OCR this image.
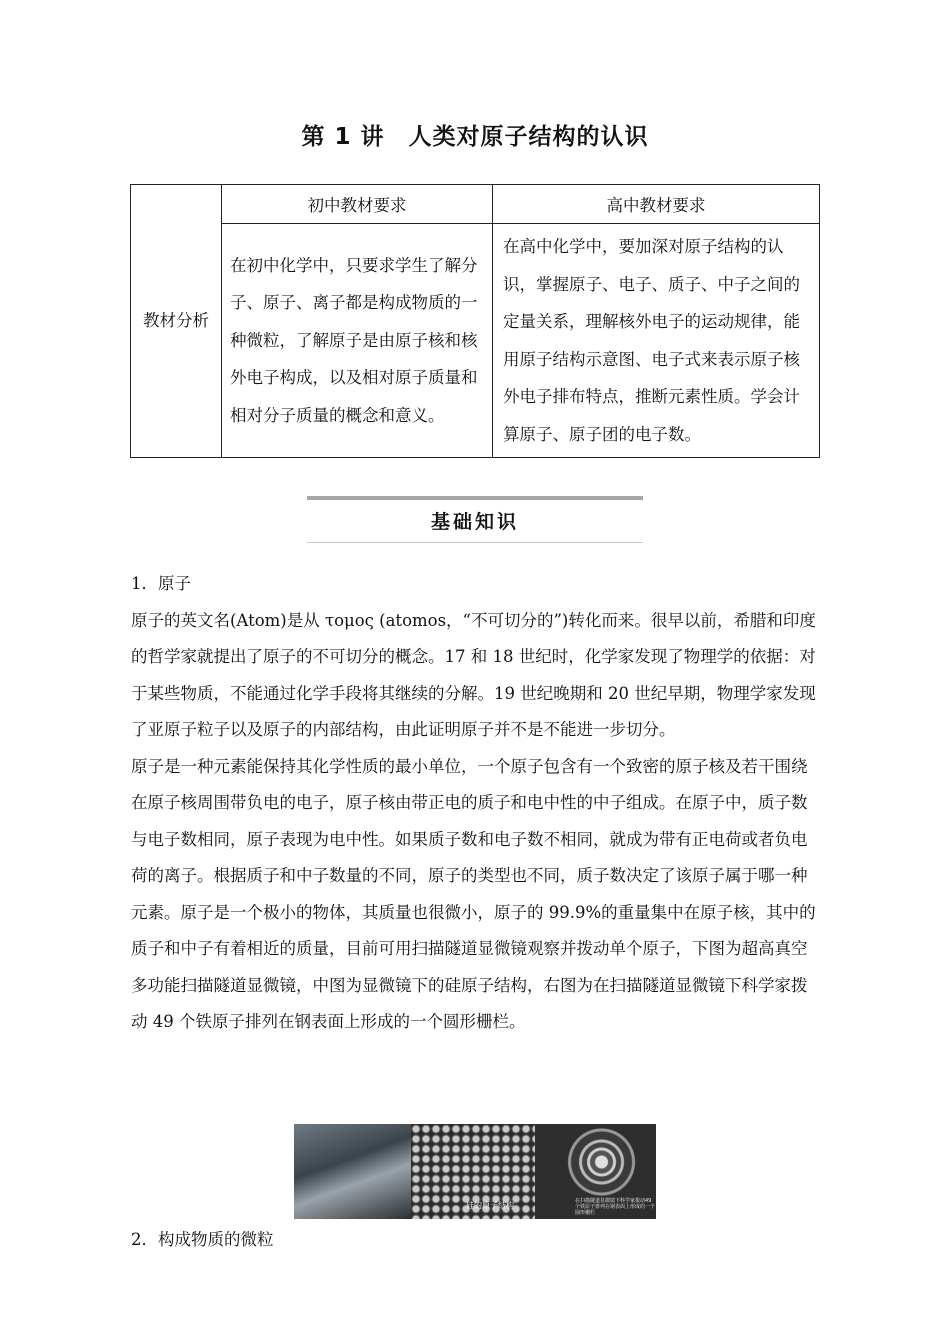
第 1 讲　人类对原子结构的认识
教材分析	初中教材要求	高中教材要求
	在初中化学中，只要求学生了解分子、原子、离子都是构成物质的一种微粒，了解原子是由原子核和核外电子构成，以及相对原子质量和相对分子质量的概念和意义。	在高中化学中，要加深对原子结构的认识，掌握原子、电子、质子、中子之间的定量关系，理解核外电子的运动规律，能用原子结构示意图、电子式来表示原子核外电子排布特点，推断元素性质。学会计算原子、原子团的电子数。
基础知识

1．原子

原子的英文名(Atom)是从 τομος (atomos，“不可切分的”)转化而来。很早以前，希腊和印度的哲学家就提出了原子的不可切分的概念。17 和 18 世纪时，化学家发现了物理学的依据：对于某些物质，不能通过化学手段将其继续的分解。19 世纪晚期和 20 世纪早期，物理学家发现了亚原子粒子以及原子的内部结构，由此证明原子并不是不能进一步切分。

原子是一种元素能保持其化学性质的最小单位，一个原子包含有一个致密的原子核及若干围绕在原子核周围带负电的电子，原子核由带正电的质子和电中性的中子组成。在原子中，质子数与电子数相同，原子表现为电中性。如果质子数和电子数不相同，就成为带有正电荷或者负电荷的离子。根据质子和中子数量的不同，原子的类型也不同，质子数决定了该原子属于哪一种元素。原子是一个极小的物体，其质量也很微小，原子的 99.9%的重量集中在原子核，其中的质子和中子有着相近的质量，目前可用扫描隧道显微镜观察并拨动单个原子，下图为超高真空多功能扫描隧道显微镜，中图为显微镜下的硅原子结构，右图为在扫描隧道显微镜下科学家拨动 49 个铁原子排列在钢表面上形成的一个圆形栅栏。

硅的原子结构	在扫描隧道显微镜下科学家拨动49个铁原子排列在钢表面上形成的一个圆形栅栏
2．构成物质的微粒
